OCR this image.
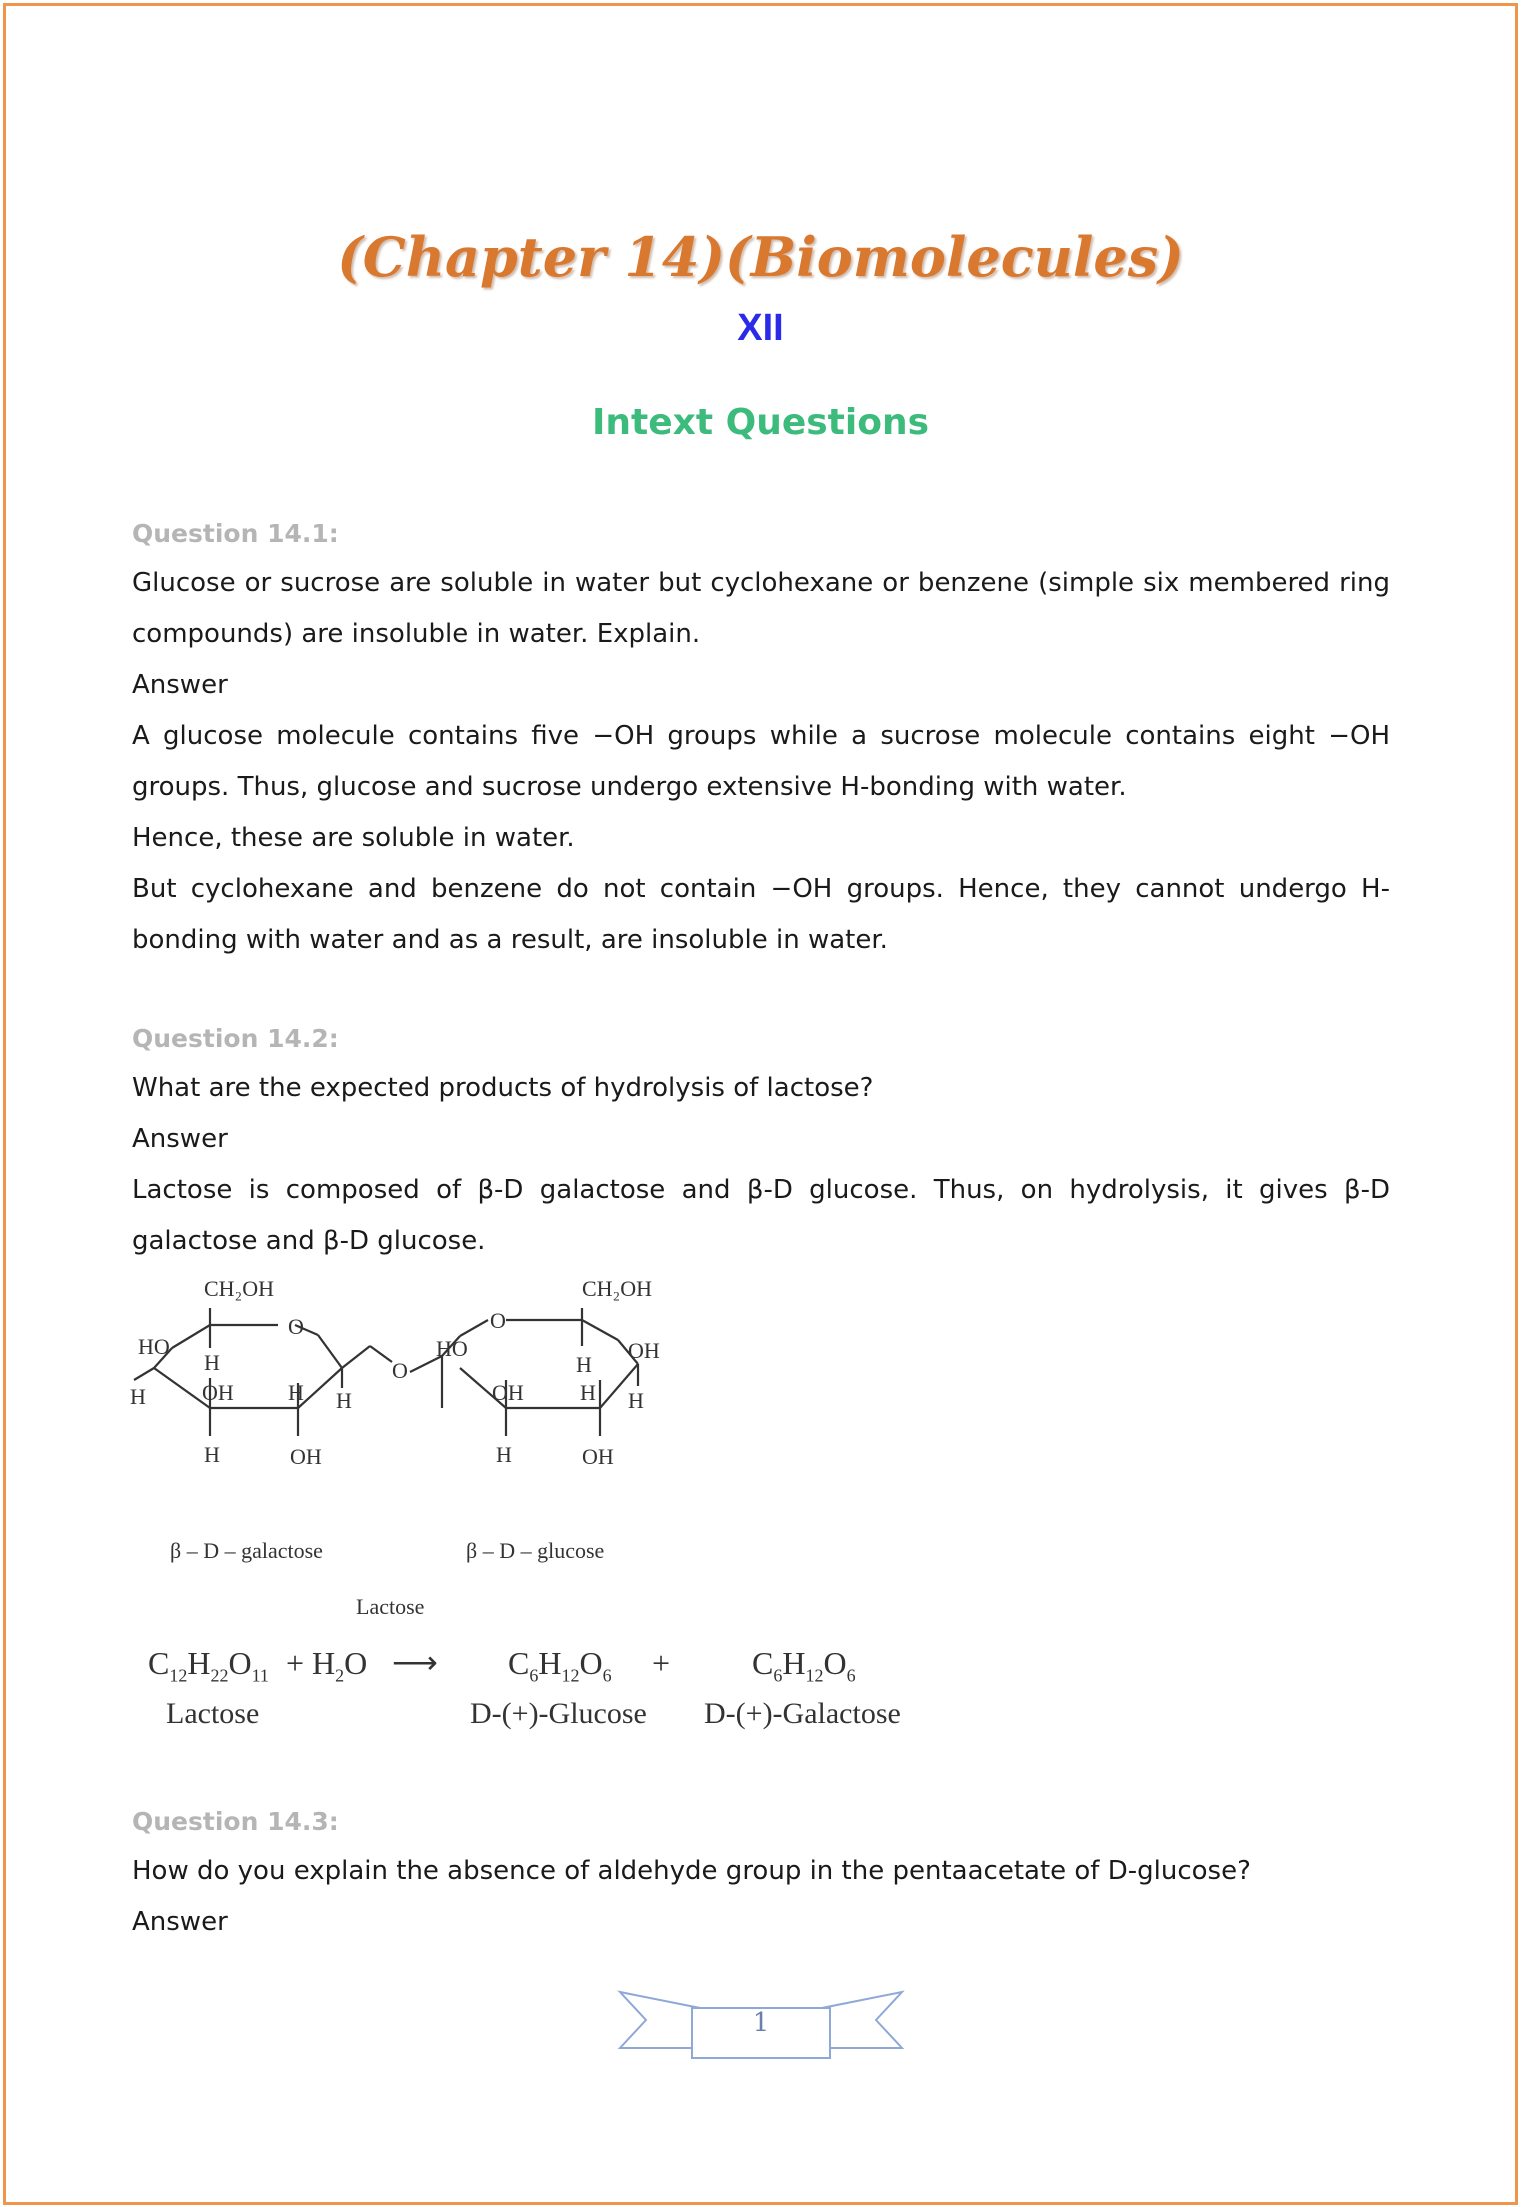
(Chapter 14)(Biomolecules)
XII
Intext Questions
Question 14.1:
Glucose or sucrose are soluble in water but cyclohexane or benzene (simple six membered ring compounds) are insoluble in water. Explain.
Answer
A glucose molecule contains five −OH groups while a sucrose molecule contains eight −OH groups. Thus, glucose and sucrose undergo extensive H-bonding with water.
Hence, these are soluble in water.
But cyclohexane and benzene do not contain −OH groups. Hence, they cannot undergo H-bonding with water and as a result, are insoluble in water.
Question 14.2:
What are the expected products of hydrolysis of lactose?
Answer
Lactose is composed of β-D galactose and β-D glucose. Thus, on hydrolysis, it gives β-D galactose and β-D glucose.
CH₂OH
HO
O
H
OH H
H	H
H	OH
O
CH₂OH
O
HO
H
OH
OH	H H
H	OH
β – D – galactose	β – D – glucose
Lactose
$C_{12}H_{22}O_{11} + H_2O$ ⟶ $C_6H_{12}O_6$ +	$C_6H_{12}O_6$
Lactose	D-(+)-Glucose D-(+)-Galactose
Question 14.3:
How do you explain the absence of aldehyde group in the pentaacetate of D-glucose?
Answer
1
